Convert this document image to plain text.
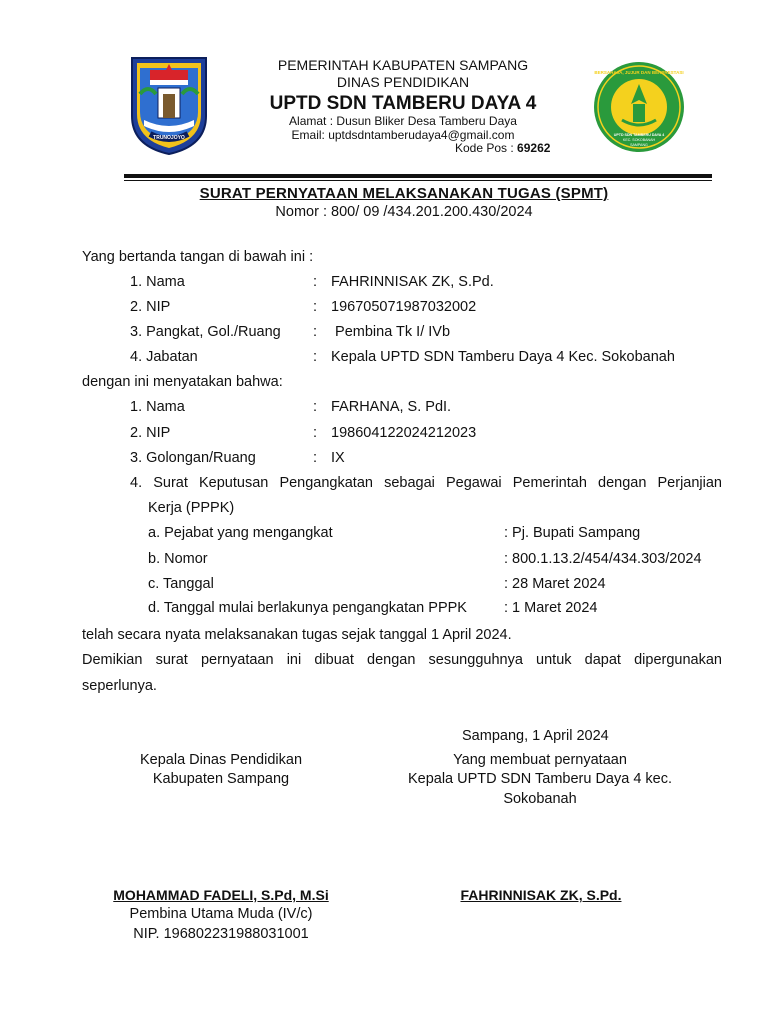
TRUNOJOYO
BERSAHAJA, JUJUR DAN BERPRESTASI
UPTD SDN TAMBERU DAYA 4
KEC. SOKOBANAH
SAMPANG
PEMERINTAH KABUPATEN SAMPANG
DINAS PENDIDIKAN
UPTD SDN TAMBERU DAYA 4
Alamat : Dusun Bliker Desa Tamberu Daya
Email: uptdsdntamberudaya4@gmail.com
Kode Pos : 69262
SURAT PERNYATAAN MELAKSANAKAN TUGAS (SPMT)
Nomor : 800/ 09 /434.201.200.430/2024
Yang bertanda tangan di bawah ini :
1. Nama	: FAHRINNISAK ZK, S.Pd.
2. NIP	: 196705071987032002
3. Pangkat, Gol./Ruang : Pembina Tk I/ IVb
4. Jabatan	: Kepala UPTD SDN Tamberu Daya 4 Kec. Sokobanah
dengan ini menyatakan bahwa:
1. Nama	: FARHANA, S. PdI.
2. NIP	: 198604122024212023
3. Golongan/Ruang	: IX
4. Surat Keputusan Pengangkatan sebagai Pegawai Pemerintah dengan Perjanjian
Kerja (PPPK)
a. Pejabat yang mengangkat	: Pj. Bupati Sampang
b. Nomor	: 800.1.13.2/454/434.303/2024
c. Tanggal	: 28 Maret 2024
d. Tanggal mulai berlakunya pengangkatan PPPK	: 1 Maret 2024
telah secara nyata melaksanakan tugas sejak tanggal 1 April 2024.
Demikian surat pernyataan ini dibuat dengan sesungguhnya untuk dapat dipergunakan
seperlunya.
Sampang, 1 April 2024
Kepala Dinas Pendidikan
Kabupaten Sampang
Yang membuat pernyataan
Kepala UPTD SDN Tamberu Daya 4 kec.
Sokobanah
MOHAMMAD FADELI, S.Pd, M.Si
Pembina Utama Muda (IV/c)
NIP. 196802231988031001
FAHRINNISAK ZK, S.Pd.
